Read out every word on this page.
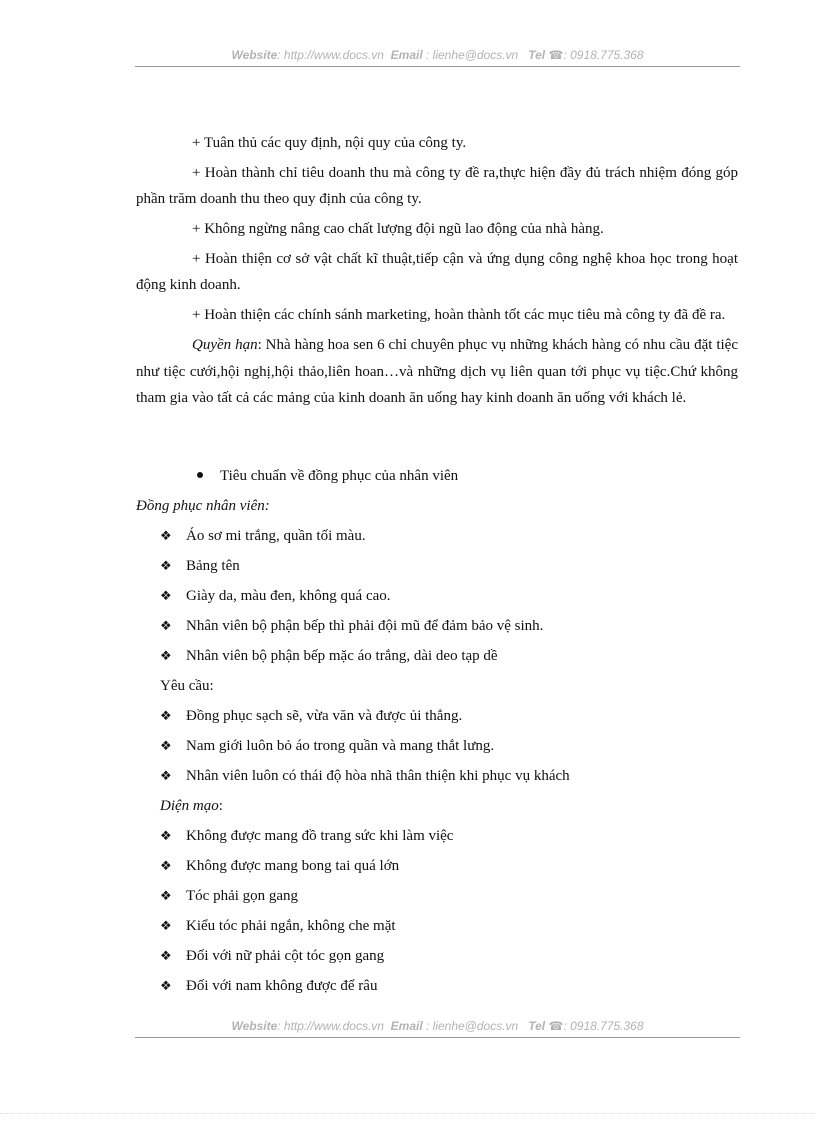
Website: http://www.docs.vn Email : lienhe@docs.vn Tel ☎: 0918.775.368
+ Tuân thủ các quy định, nội quy của công ty.
+ Hoàn thành chỉ tiêu doanh thu mà công ty đề ra,thực hiện đầy đủ trách nhiệm đóng góp phần trăm doanh thu theo quy định của công ty.
+ Không ngừng nâng cao chất lượng đội ngũ lao động của nhà hàng.
+ Hoàn thiện cơ sở vật chất kĩ thuật,tiếp cận và ứng dụng công nghệ khoa học trong hoạt động kinh doanh.
+ Hoàn thiện các chính sánh marketing, hoàn thành tốt các mục tiêu mà công ty đã đề ra.
Quyền hạn: Nhà hàng hoa sen 6 chỉ chuyên phục vụ những khách hàng có nhu cầu đặt tiệc như tiệc cưới,hội nghị,hội thảo,liên hoan…và những dịch vụ liên quan tới phục vụ tiệc.Chứ không tham gia vào tất cả các mảng của kinh doanh ăn uống hay kinh doanh ăn uống với khách lẻ.
Tiêu chuẩn về đồng phục của nhân viên
Đồng phục nhân viên:
❖ Áo sơ mi trắng, quần tối màu.
❖ Bảng tên
❖ Giày da, màu đen, không quá cao.
❖ Nhân viên bộ phận bếp thì phải đội mũ để đảm bảo vệ sinh.
❖ Nhân viên bộ phận bếp mặc áo trắng, dài deo tạp dề
Yêu cầu:
❖ Đồng phục sạch sẽ, vừa văn và được ủi thẳng.
❖ Nam giới luôn bỏ áo trong quần và mang thắt lưng.
❖ Nhân viên luôn có thái độ hòa nhã thân thiện khi phục vụ khách
Diện mạo:
❖ Không được mang đồ trang sức khi làm việc
❖ Không được mang bong tai quá lớn
❖ Tóc phải gọn gang
❖ Kiểu tóc phải ngắn, không che mặt
❖ Đối với nữ phải cột tóc gọn gang
❖ Đối với nam không được để râu
Website: http://www.docs.vn Email : lienhe@docs.vn Tel ☎: 0918.775.368
